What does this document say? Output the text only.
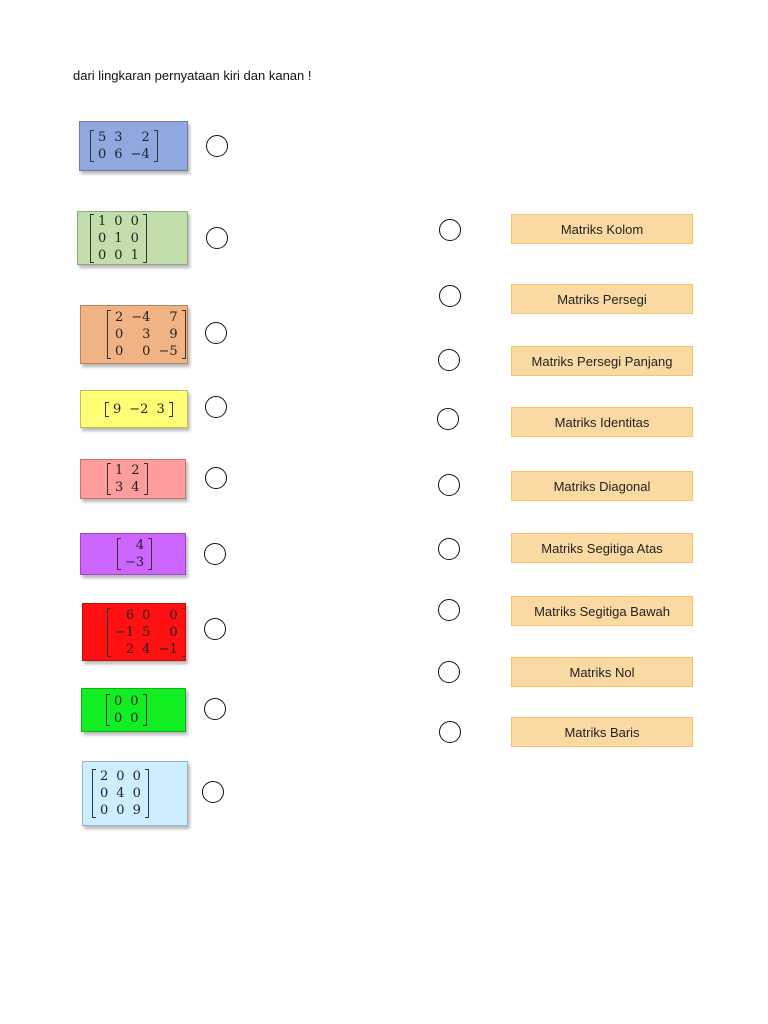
dari lingkaran pernyataan kiri dan kanan !
5	3	2
0	6	−4
1	0	0
0	1	0
0	0	1
2	−4	7
0	3	9
0	0	−5
9	−2	3
1	2
3	4
4
−3
6	0	0
−1	5	0
2	4	−1
0	0
0	0
2	0	0
0	4	0
0	0	9
Matriks Kolom
Matriks Persegi
Matriks Persegi Panjang
Matriks Identitas
Matriks Diagonal
Matriks Segitiga Atas
Matriks Segitiga Bawah
Matriks Nol
Matriks Baris
